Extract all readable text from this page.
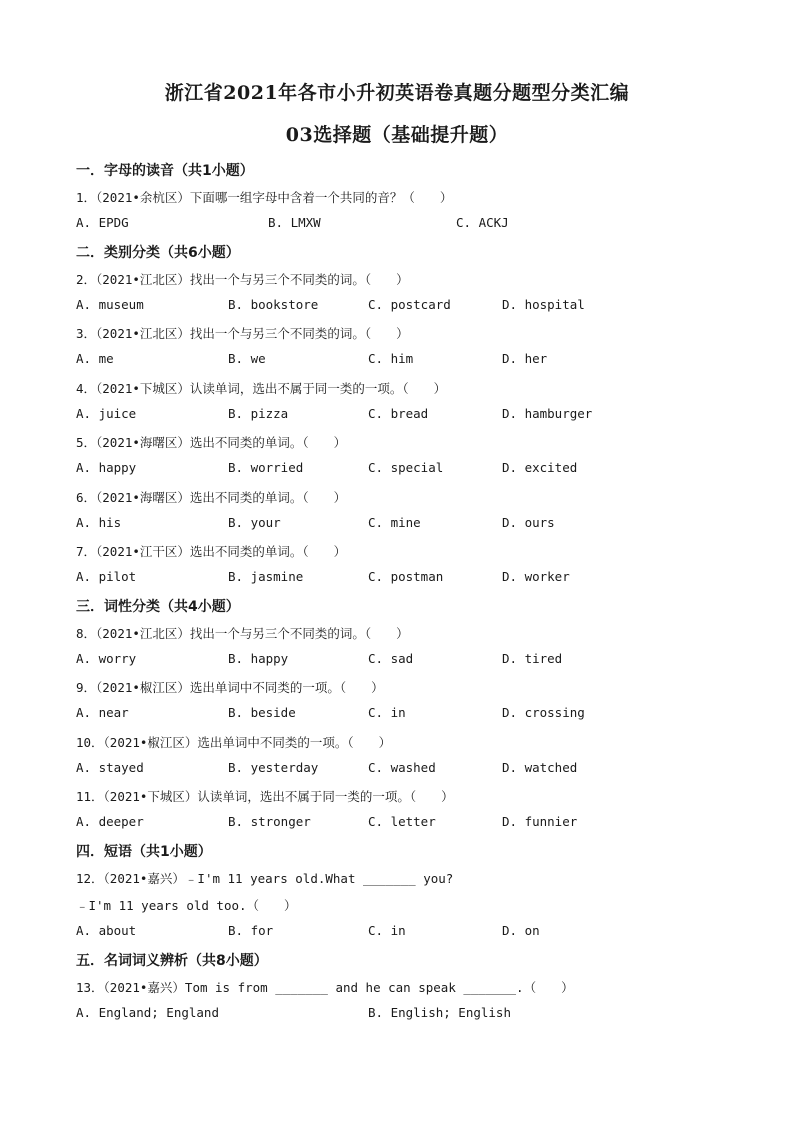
浙江省2021年各市小升初英语卷真题分题型分类汇编
03选择题（基础提升题）
一．字母的读音（共1小题）
1．（2021•余杭区）下面哪一组字母中含着一个共同的音？（　　）
A. EPDG	B. LMXW	C. ACKJ
二．类别分类（共6小题）
2．（2021•江北区）找出一个与另三个不同类的词。（　　）
A. museum	B. bookstore	C. postcard	D. hospital
3．（2021•江北区）找出一个与另三个不同类的词。（　　）
A. me	B. we	C. him	D. her
4．（2021•下城区）认读单词，选出不属于同一类的一项。（　　）
A. juice	B. pizza	C. bread	D. hamburger
5．（2021•海曙区）选出不同类的单词。（　　）
A. happy	B. worried	C. special	D. excited
6．（2021•海曙区）选出不同类的单词。（　　）
A. his	B. your	C. mine	D. ours
7．（2021•江干区）选出不同类的单词。（　　）
A. pilot	B. jasmine	C. postman	D. worker
三．词性分类（共4小题）
8．（2021•江北区）找出一个与另三个不同类的词。（　　）
A. worry	B. happy	C. sad	D. tired
9．（2021•椒江区）选出单词中不同类的一项。（　　）
A. near	B. beside	C. in	D. crossing
10．（2021•椒江区）选出单词中不同类的一项。（　　）
A. stayed	B. yesterday	C. washed	D. watched
11．（2021•下城区）认读单词，选出不属于同一类的一项。（　　）
A. deeper	B. stronger	C. letter	D. funnier
四．短语（共1小题）
12．（2021•嘉兴）﹣I'm 11 years old.What _______ you?
﹣I'm 11 years old too.（　　）
A. about	B. for	C. in	D. on
五．名词词义辨析（共8小题）
13．（2021•嘉兴）Tom is from _______ and he can speak _______.（　　）
A. England; England	B. English; English
